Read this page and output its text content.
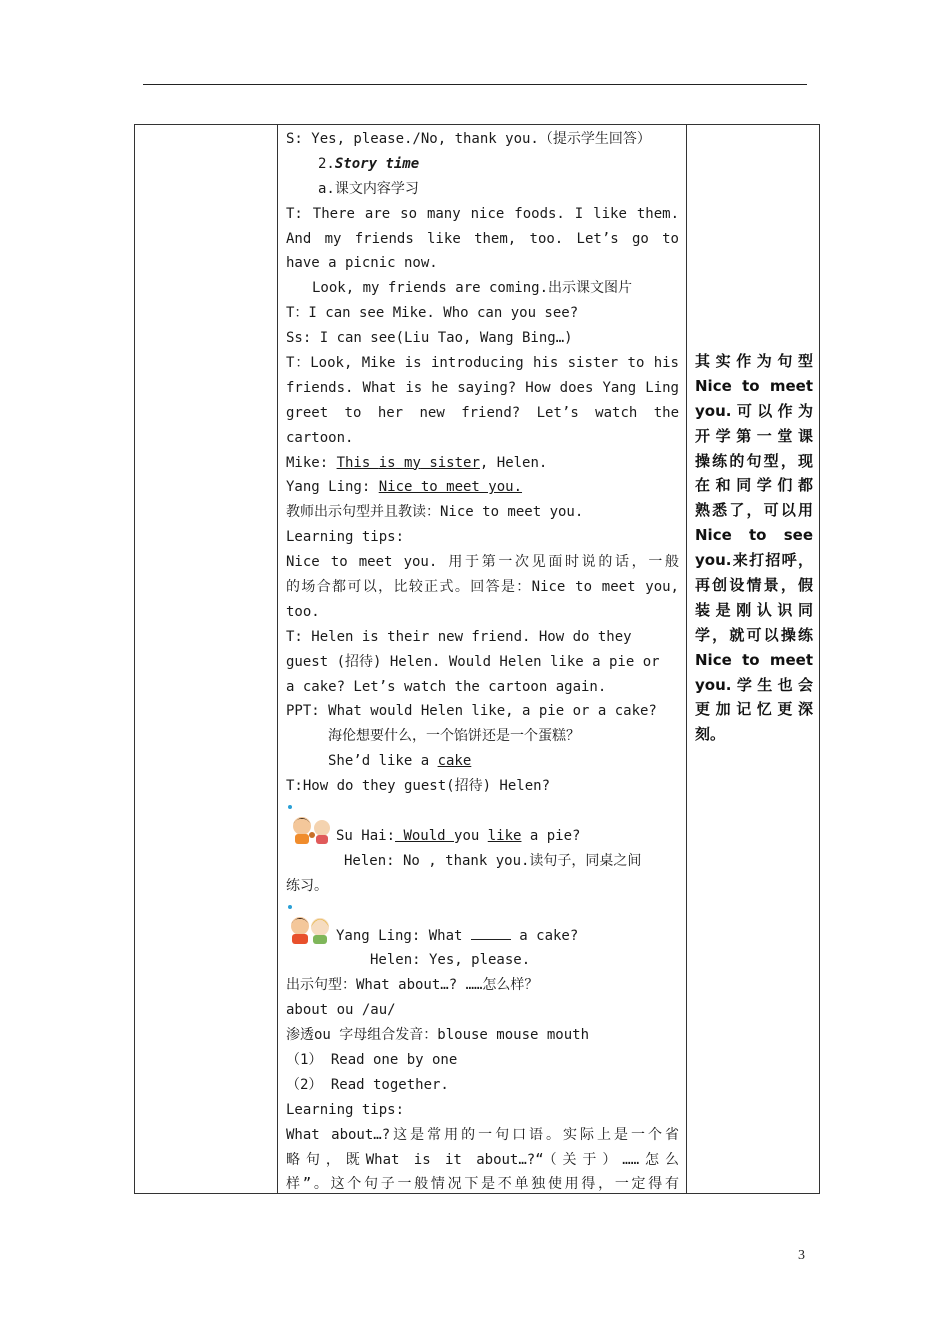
S: Yes, please./No, thank you.（提示学生回答）
2.Story time
a.课文内容学习
T: There are so many nice foods. I like them.
And my friends like them, too. Let’s go to
have a picnic now.
Look, my friends are coming.出示课文图片
T：I can see Mike. Who can you see?
Ss: I can see(Liu Tao, Wang Bing…)
T：Look, Mike is introducing his sister to his
friends. What is he saying? How does Yang Ling
greet to her new friend? Let’s watch the
cartoon.
Mike: This is my sister, Helen.
Yang Ling: Nice to meet you.
教师出示句型并且教读：Nice to meet you.
Learning tips:
Nice to meet you. 用于第一次见面时说的话，一般
的场合都可以，比较正式。回答是：Nice to meet you,
too.
T: Helen is their new friend. How do they
guest (招待) Helen. Would Helen like a pie or
a cake? Let’s watch the cartoon again.
PPT: What would Helen like, a pie or a cake?
海伦想要什么，一个馅饼还是一个蛋糕？
She’d like a cake
T:How do they guest(招待) Helen?
Su Hai: Would you like a pie?
Helen: No , thank you.读句子，同桌之间
练习。
Yang Ling: What	a cake?
Helen: Yes, please.
出示句型：What about…? ……怎么样？
about ou /au/
渗透ou 字母组合发音：blouse mouse mouth
（1） Read one by one
（2） Read together.
Learning tips:
What about…?这是常用的一句口语。实际上是一个省
略句，既What is it about…?“（关于）……怎么
样”。这个句子一般情况下是不单独使用得，一定得有
其实作为句型
Nice to meet
you.可以作为
开学第一堂课
操练的句型，现
在和同学们都
熟悉了，可以用
Nice to see
you.来打招呼，
再创设情景，假
装是刚认识同
学，就可以操练
Nice to meet
you.学生也会
更加记忆更深
刻。
3
